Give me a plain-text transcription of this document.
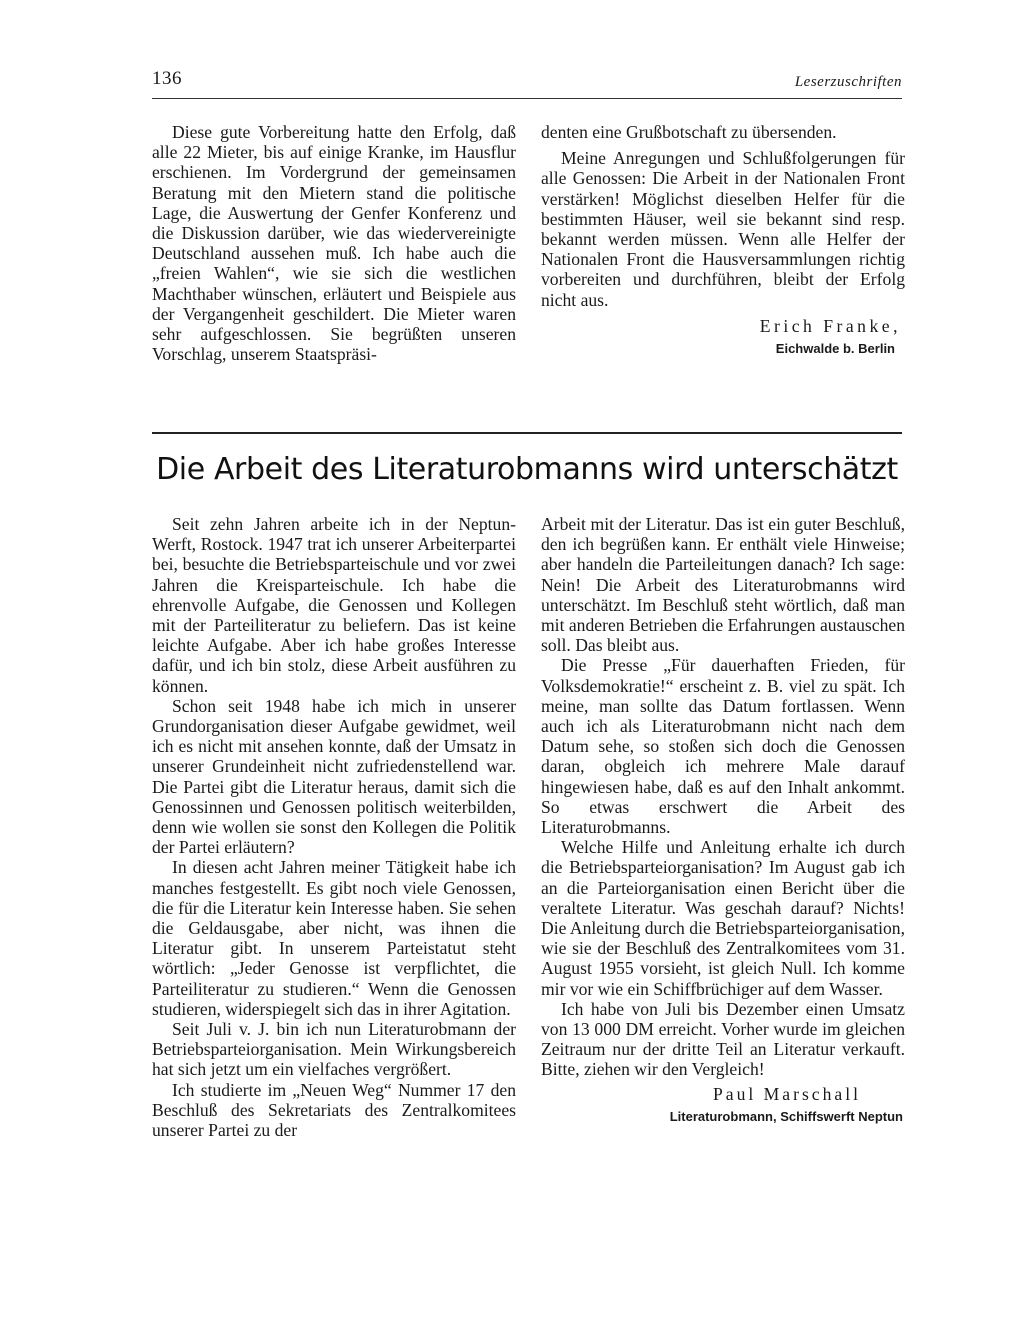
136	Leserzuschriften

Diese gute Vorbereitung hatte den Erfolg, daß alle 22 Mieter, bis auf einige Kranke, im Hausflur erschienen. Im Vordergrund der gemeinsamen Beratung mit den Mietern stand die politische Lage, die Auswertung der Genfer Konferenz und die Diskussion darüber, wie das wiedervereinigte Deutschland aussehen muß. Ich habe auch die „freien Wahlen“, wie sie sich die westlichen Machthaber wünschen, erläutert und Beispiele aus der Vergangenheit geschildert. Die Mieter waren sehr aufgeschlossen. Sie begrüßten unseren Vorschlag, unserem Staatspräsi-

denten eine Grußbotschaft zu übersenden.

Meine Anregungen und Schlußfolgerungen für alle Genossen: Die Arbeit in der Nationalen Front verstärken! Möglichst dieselben Helfer für die bestimmten Häuser, weil sie bekannt sind resp. bekannt werden müssen. Wenn alle Helfer der Nationalen Front die Hausversammlungen richtig vorbereiten und durchführen, bleibt der Erfolg nicht aus.

Erich Franke,
Eichwalde b. Berlin
Die Arbeit des Literaturobmanns wird unterschätzt

Seit zehn Jahren arbeite ich in der Neptun-Werft, Rostock. 1947 trat ich unserer Arbeiterpartei bei, besuchte die Betriebsparteischule und vor zwei Jahren die Kreisparteischule. Ich habe die ehrenvolle Aufgabe, die Genossen und Kollegen mit der Parteiliteratur zu beliefern. Das ist keine leichte Aufgabe. Aber ich habe großes Interesse dafür, und ich bin stolz, diese Arbeit ausführen zu können.

Schon seit 1948 habe ich mich in unserer Grundorganisation dieser Aufgabe gewidmet, weil ich es nicht mit ansehen konnte, daß der Umsatz in unserer Grundeinheit nicht zufriedenstellend war. Die Partei gibt die Literatur heraus, damit sich die Genossinnen und Genossen politisch weiterbilden, denn wie wollen sie sonst den Kollegen die Politik der Partei erläutern?

In diesen acht Jahren meiner Tätigkeit habe ich manches festgestellt. Es gibt noch viele Genossen, die für die Literatur kein Interesse haben. Sie sehen die Geldausgabe, aber nicht, was ihnen die Literatur gibt. In unserem Parteistatut steht wörtlich: „Jeder Genosse ist verpflichtet, die Parteiliteratur zu studieren.“ Wenn die Genossen studieren, widerspiegelt sich das in ihrer Agitation.

Seit Juli v. J. bin ich nun Literaturobmann der Betriebsparteiorganisation. Mein Wirkungsbereich hat sich jetzt um ein vielfaches vergrößert.

Ich studierte im „Neuen Weg“ Nummer 17 den Beschluß des Sekretariats des Zentralkomitees unserer Partei zu der

Arbeit mit der Literatur. Das ist ein guter Beschluß, den ich begrüßen kann. Er enthält viele Hinweise; aber handeln die Parteileitungen danach? Ich sage: Nein! Die Arbeit des Literaturobmanns wird unterschätzt. Im Beschluß steht wörtlich, daß man mit anderen Betrieben die Erfahrungen austauschen soll. Das bleibt aus.

Die Presse „Für dauerhaften Frieden, für Volksdemokratie!“ erscheint z. B. viel zu spät. Ich meine, man sollte das Datum fortlassen. Wenn auch ich als Literaturobmann nicht nach dem Datum sehe, so stoßen sich doch die Genossen daran, obgleich ich mehrere Male darauf hingewiesen habe, daß es auf den Inhalt ankommt. So etwas erschwert die Arbeit des Literaturobmanns.

Welche Hilfe und Anleitung erhalte ich durch die Betriebsparteiorganisation? Im August gab ich an die Parteiorganisation einen Bericht über die veraltete Literatur. Was geschah darauf? Nichts! Die Anleitung durch die Betriebsparteiorganisation, wie sie der Beschluß des Zentralkomitees vom 31. August 1955 vorsieht, ist gleich Null. Ich komme mir vor wie ein Schiffbrüchiger auf dem Wasser.

Ich habe von Juli bis Dezember einen Umsatz von 13 000 DM erreicht. Vorher wurde im gleichen Zeitraum nur der dritte Teil an Literatur verkauft. Bitte, ziehen wir den Vergleich!

Paul Marschall
Literaturobmann, Schiffswerft Neptun
